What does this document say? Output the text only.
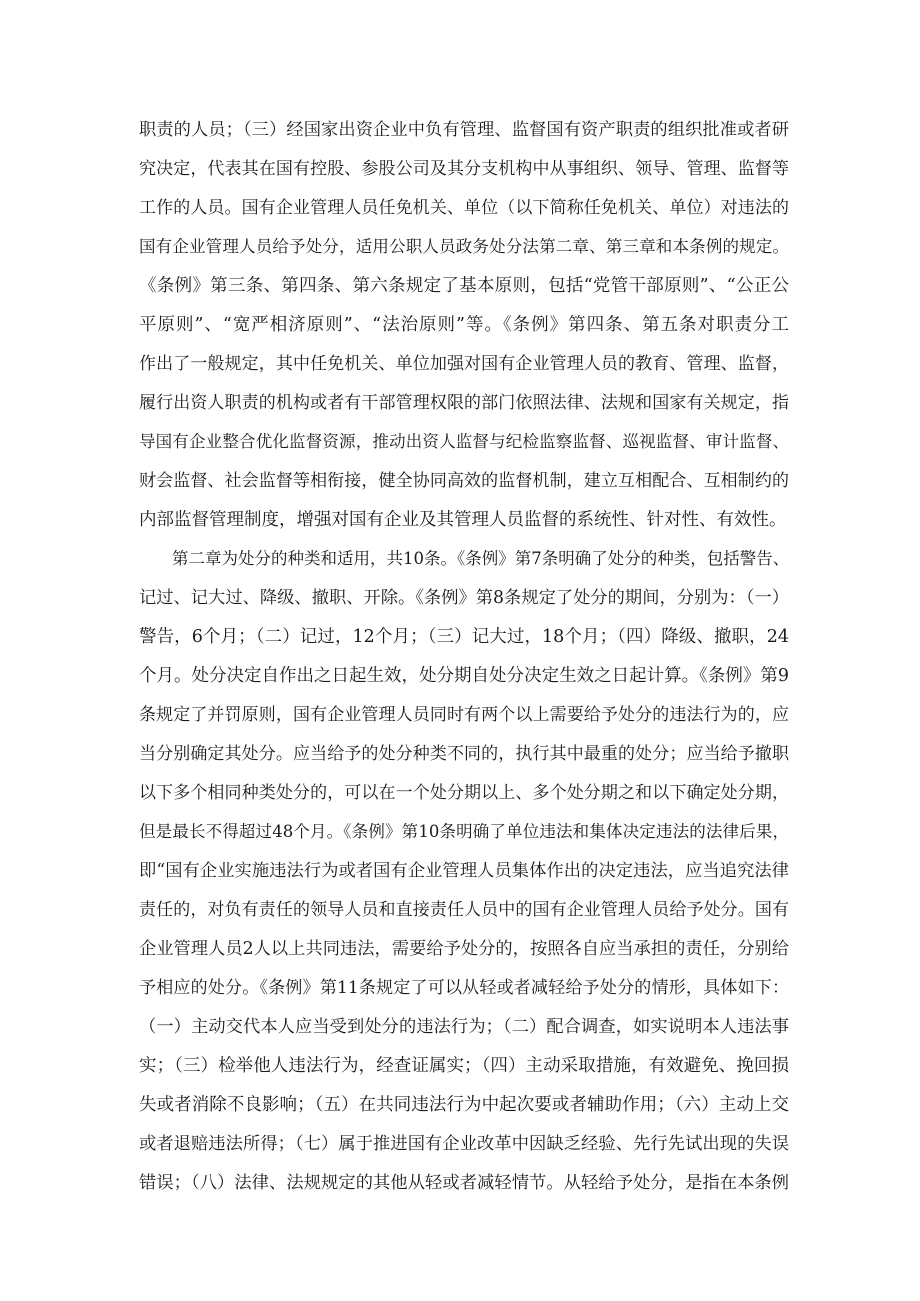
职责的人员；（三）经国家出资企业中负有管理、监督国有资产职责的组织批准或者研
究决定，代表其在国有控股、参股公司及其分支机构中从事组织、领导、管理、监督等
工作的人员。国有企业管理人员任免机关、单位（以下简称任免机关、单位）对违法的
国有企业管理人员给予处分，适用公职人员政务处分法第二章、第三章和本条例的规定。
《条例》第三条、第四条、第六条规定了基本原则，包括“党管干部原则”、“公正公
平原则”、“宽严相济原则”、“法治原则”等。《条例》第四条、第五条对职责分工
作出了一般规定，其中任免机关、单位加强对国有企业管理人员的教育、管理、监督，
履行出资人职责的机构或者有干部管理权限的部门依照法律、法规和国家有关规定，指
导国有企业整合优化监督资源，推动出资人监督与纪检监察监督、巡视监督、审计监督、
财会监督、社会监督等相衔接，健全协同高效的监督机制，建立互相配合、互相制约的
内部监督管理制度，增强对国有企业及其管理人员监督的系统性、针对性、有效性。
　　第二章为处分的种类和适用，共10条。《条例》第7条明确了处分的种类，包括警告、
记过、记大过、降级、撤职、开除。《条例》第8条规定了处分的期间，分别为：（一）
警告，6个月；（二）记过，12个月；（三）记大过，18个月；（四）降级、撤职，24
个月。处分决定自作出之日起生效，处分期自处分决定生效之日起计算。《条例》第9
条规定了并罚原则，国有企业管理人员同时有两个以上需要给予处分的违法行为的，应
当分别确定其处分。应当给予的处分种类不同的，执行其中最重的处分；应当给予撤职
以下多个相同种类处分的，可以在一个处分期以上、多个处分期之和以下确定处分期，
但是最长不得超过48个月。《条例》第10条明确了单位违法和集体决定违法的法律后果，
即“国有企业实施违法行为或者国有企业管理人员集体作出的决定违法，应当追究法律
责任的，对负有责任的领导人员和直接责任人员中的国有企业管理人员给予处分。国有
企业管理人员2人以上共同违法，需要给予处分的，按照各自应当承担的责任，分别给
予相应的处分。《条例》第11条规定了可以从轻或者减轻给予处分的情形，具体如下：
（一）主动交代本人应当受到处分的违法行为；（二）配合调查，如实说明本人违法事
实；（三）检举他人违法行为，经查证属实；（四）主动采取措施，有效避免、挽回损
失或者消除不良影响；（五）在共同违法行为中起次要或者辅助作用；（六）主动上交
或者退赔违法所得；（七）属于推进国有企业改革中因缺乏经验、先行先试出现的失误
错误；（八）法律、法规规定的其他从轻或者减轻情节。从轻给予处分，是指在本条例
